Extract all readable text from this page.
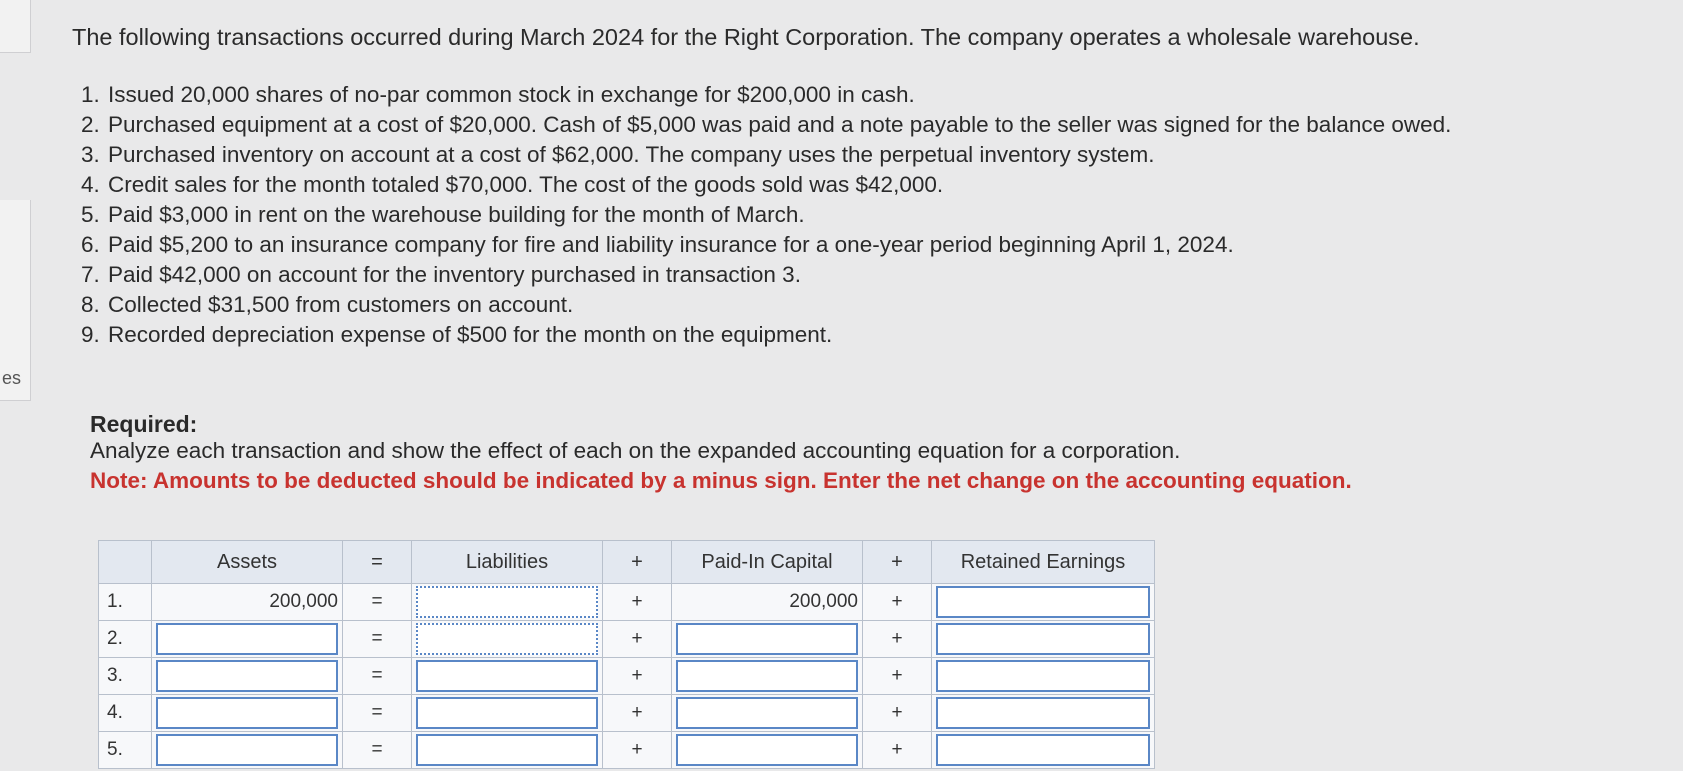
es
The following transactions occurred during March 2024 for the Right Corporation. The company operates a wholesale warehouse.
1. Issued 20,000 shares of no-par common stock in exchange for $200,000 in cash.
2. Purchased equipment at a cost of $20,000. Cash of $5,000 was paid and a note payable to the seller was signed for the balance owed.
3. Purchased inventory on account at a cost of $62,000. The company uses the perpetual inventory system.
4. Credit sales for the month totaled $70,000. The cost of the goods sold was $42,000.
5. Paid $3,000 in rent on the warehouse building for the month of March.
6. Paid $5,200 to an insurance company for fire and liability insurance for a one-year period beginning April 1, 2024.
7. Paid $42,000 on account for the inventory purchased in transaction 3.
8. Collected $31,500 from customers on account.
9. Recorded depreciation expense of $500 for the month on the equipment.
Required:
Analyze each transaction and show the effect of each on the expanded accounting equation for a corporation.
Note: Amounts to be deducted should be indicated by a minus sign. Enter the net change on the accounting equation.
	Assets	=	Liabilities	+	Paid-In Capital	+	Retained Earnings
1.	200,000	=		+	200,000	+	

2.		=		+		+	

3.		=		+		+	

4.		=		+		+	

5.		=		+		+	
